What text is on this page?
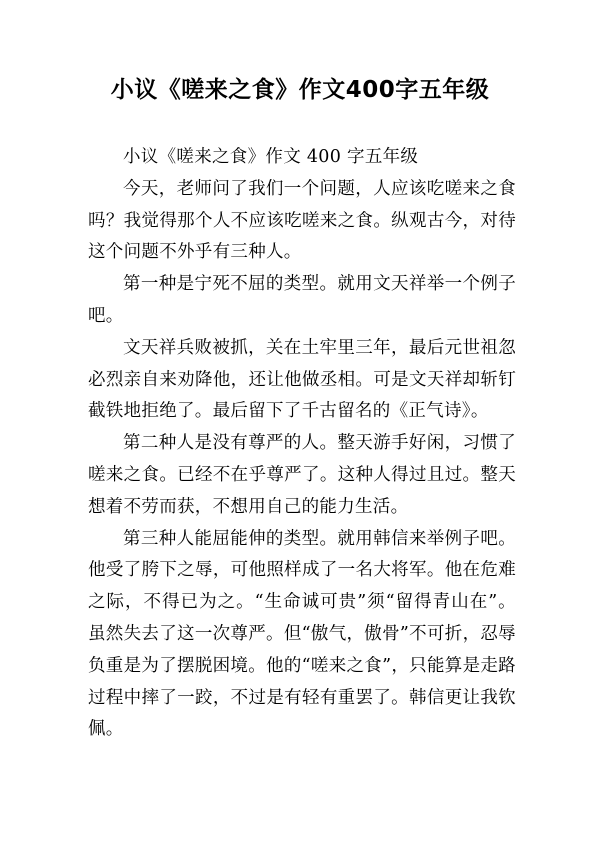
小议《嗟来之食》作文400字五年级

小议《嗟来之食》作文 400 字五年级

今天，老师问了我们一个问题，人应该吃嗟来之食吗？我觉得那个人不应该吃嗟来之食。纵观古今，对待这个问题不外乎有三种人。

第一种是宁死不屈的类型。就用文天祥举一个例子吧。

文天祥兵败被抓，关在土牢里三年，最后元世祖忽必烈亲自来劝降他，还让他做丞相。可是文天祥却斩钉截铁地拒绝了。最后留下了千古留名的《正气诗》。

第二种人是没有尊严的人。整天游手好闲，习惯了嗟来之食。已经不在乎尊严了。这种人得过且过。整天想着不劳而获，不想用自己的能力生活。

第三种人能屈能伸的类型。就用韩信来举例子吧。他受了胯下之辱，可他照样成了一名大将军。他在危难之际，不得已为之。“生命诚可贵”须“留得青山在”。虽然失去了这一次尊严。但“傲气，傲骨”不可折，忍辱负重是为了摆脱困境。他的“嗟来之食”，只能算是走路过程中摔了一跤，不过是有轻有重罢了。韩信更让我钦佩。
